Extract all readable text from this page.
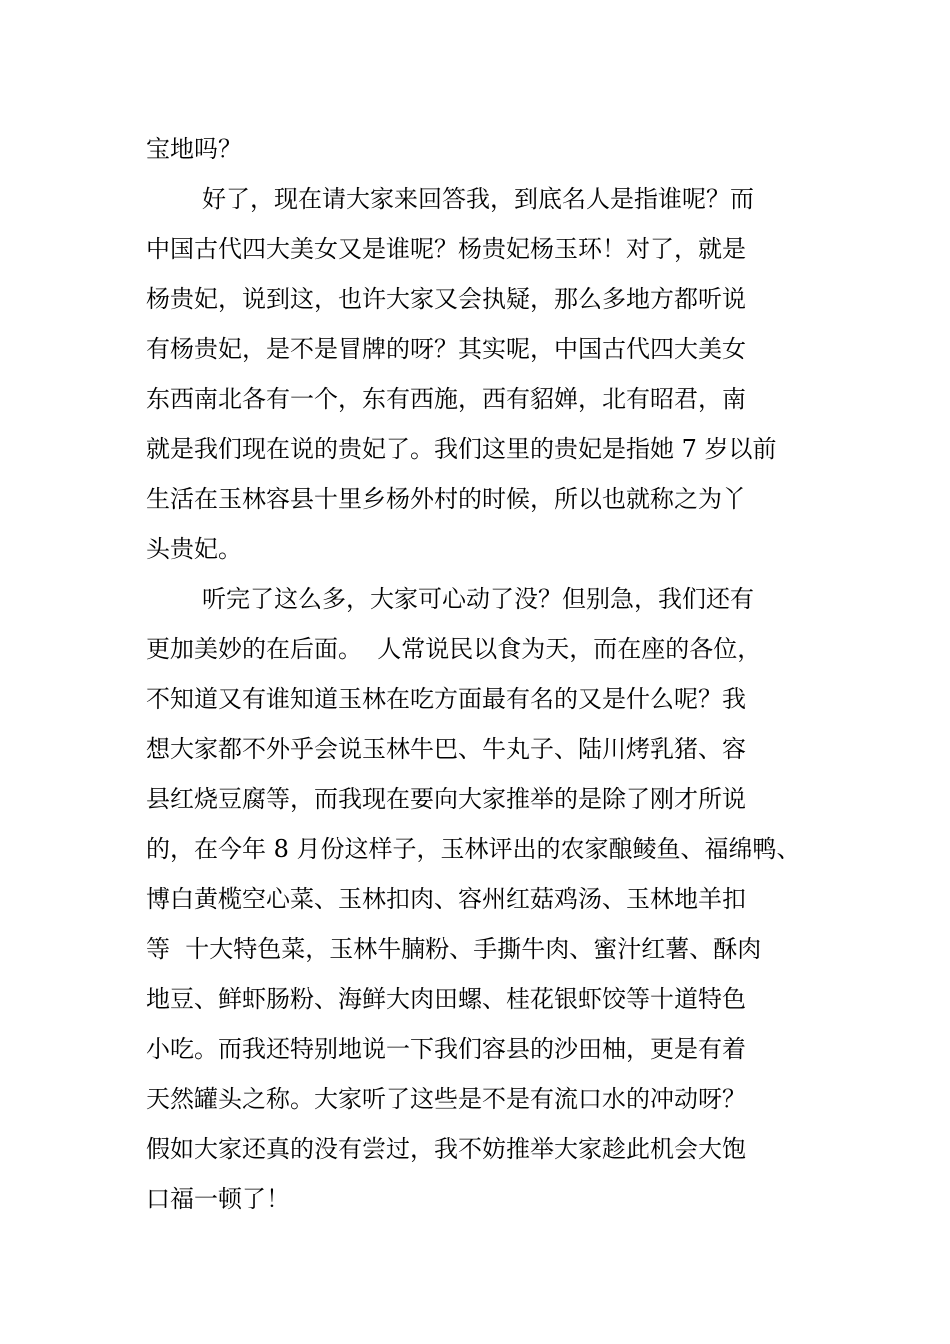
宝地吗？
好了，现在请大家来回答我，到底名人是指谁呢？而
中国古代四大美女又是谁呢？杨贵妃杨玉环！对了，就是
杨贵妃，说到这，也许大家又会执疑，那么多地方都听说
有杨贵妃，是不是冒牌的呀？其实呢，中国古代四大美女
东西南北各有一个，东有西施，西有貂婵，北有昭君，南
就是我们现在说的贵妃了。我们这里的贵妃是指她 7 岁以前
生活在玉林容县十里乡杨外村的时候，所以也就称之为丫
头贵妃。
听完了这么多，大家可心动了没？但别急，我们还有
更加美妙的在后面。  人常说民以食为天，而在座的各位，
不知道又有谁知道玉林在吃方面最有名的又是什么呢？我
想大家都不外乎会说玉林牛巴、牛丸子、陆川烤乳猪、容
县红烧豆腐等，而我现在要向大家推举的是除了刚才所说
的，在今年 8 月份这样子，玉林评出的农家酿鲮鱼、福绵鸭、
博白黄榄空心菜、玉林扣肉、容州红菇鸡汤、玉林地羊扣
等  十大特色菜，玉林牛腩粉、手撕牛肉、蜜汁红薯、酥肉
地豆、鲜虾肠粉、海鲜大肉田螺、桂花银虾饺等十道特色
小吃。而我还特别地说一下我们容县的沙田柚，更是有着
天然罐头之称。大家听了这些是不是有流口水的冲动呀？
假如大家还真的没有尝过，我不妨推举大家趁此机会大饱
口福一顿了！
